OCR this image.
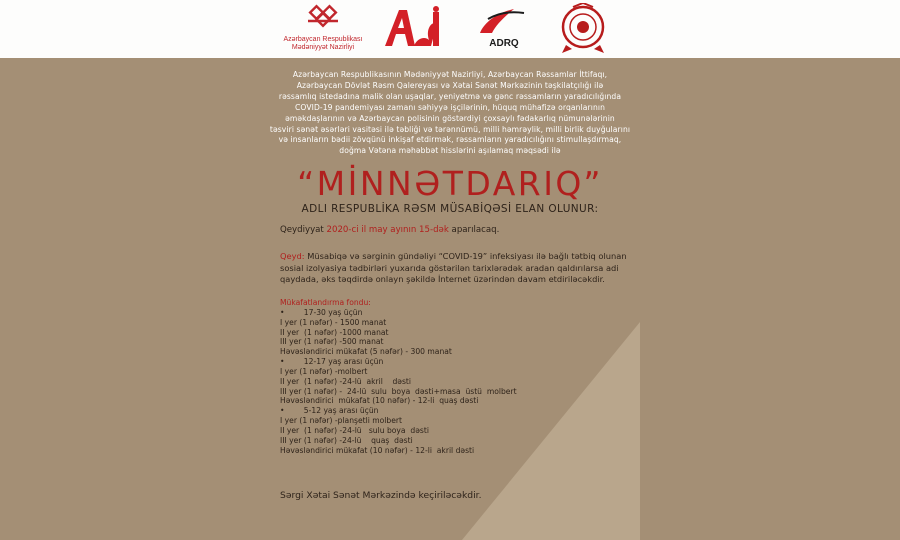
Azərbaycan Respublikası
Mədəniyyət Nazirliyi	ADRQ
Azərbaycan Respublikasının Mədəniyyət Nazirliyi, Azərbaycan Rəssamlar İttifaqı,
Azərbaycan Dövlət Rəsm Qalereyası və Xətai Sənət Mərkəzinin təşkilatçılığı ilə
rəssamlıq istedadına malik olan uşaqlar, yeniyetmə və gənc rəssamların yaradıcılığında
COVID-19 pandemiyası zamanı səhiyyə işçilərinin, hüquq mühafizə orqanlarının
əməkdaşlarının və Azərbaycan polisinin göstərdiyi çoxsaylı fədakarlıq nümunələrinin
təsviri sənət əsərləri vasitəsi ilə təbliği və tərənnümü, milli həmrəylik, milli birlik duyğularını
və insanların bədii zövqünü inkişaf etdirmək, rəssamların yaradıcılığını stimullaşdırmaq,
doğma Vətəna məhəbbət hisslərini aşılamaq məqsədi ilə
“MİNNƏTDARIQ”
ADLI RESPUBLİKA RƏSM MÜSABİQƏSİ ELAN OLUNUR:
Qeydiyyat 2020-ci il may ayının 15-dək aparılacaq.
Qeyd: Müsabiqə və sərginin gündəliyi “COVID-19” infeksiyası ilə bağlı tətbiq olunan sosial izolyasiya tədbirləri yuxarıda göstərilən tarixlərədək aradan qaldırılarsa adi qaydada, əks təqdirdə onlayn şəkildə İnternet üzərindən davam etdiriləcəkdir.
Mükafatlandırma fondu:
•        17-30 yaş üçün
I yer (1 nəfər) - 1500 manat
II yer  (1 nəfər) -1000 manat
III yer (1 nəfər) -500 manat
Həvəsləndirici mükafat (5 nəfər) - 300 manat
•        12-17 yaş arası üçün
I yer (1 nəfər) -molbert
II yer  (1 nəfər) -24-lü  akril    dəsti
III yer (1 nəfər) -  24-lü  sulu  boya  dəsti+masa  üstü  molbert
Həvəsləndirici  mükafat (10 nəfər) - 12-li  quaş dəsti
•        5-12 yaş arası üçün
I yer (1 nəfər) -planşetli molbert
II yer  (1 nəfər) -24-lü   sulu boya  dəsti
III yer (1 nəfər) -24-lü    quaş  dəsti
Həvəsləndirici mükafat (10 nəfər) - 12-li  akril dəsti
Sərgi Xətai Sənət Mərkəzində keçiriləcəkdir.
